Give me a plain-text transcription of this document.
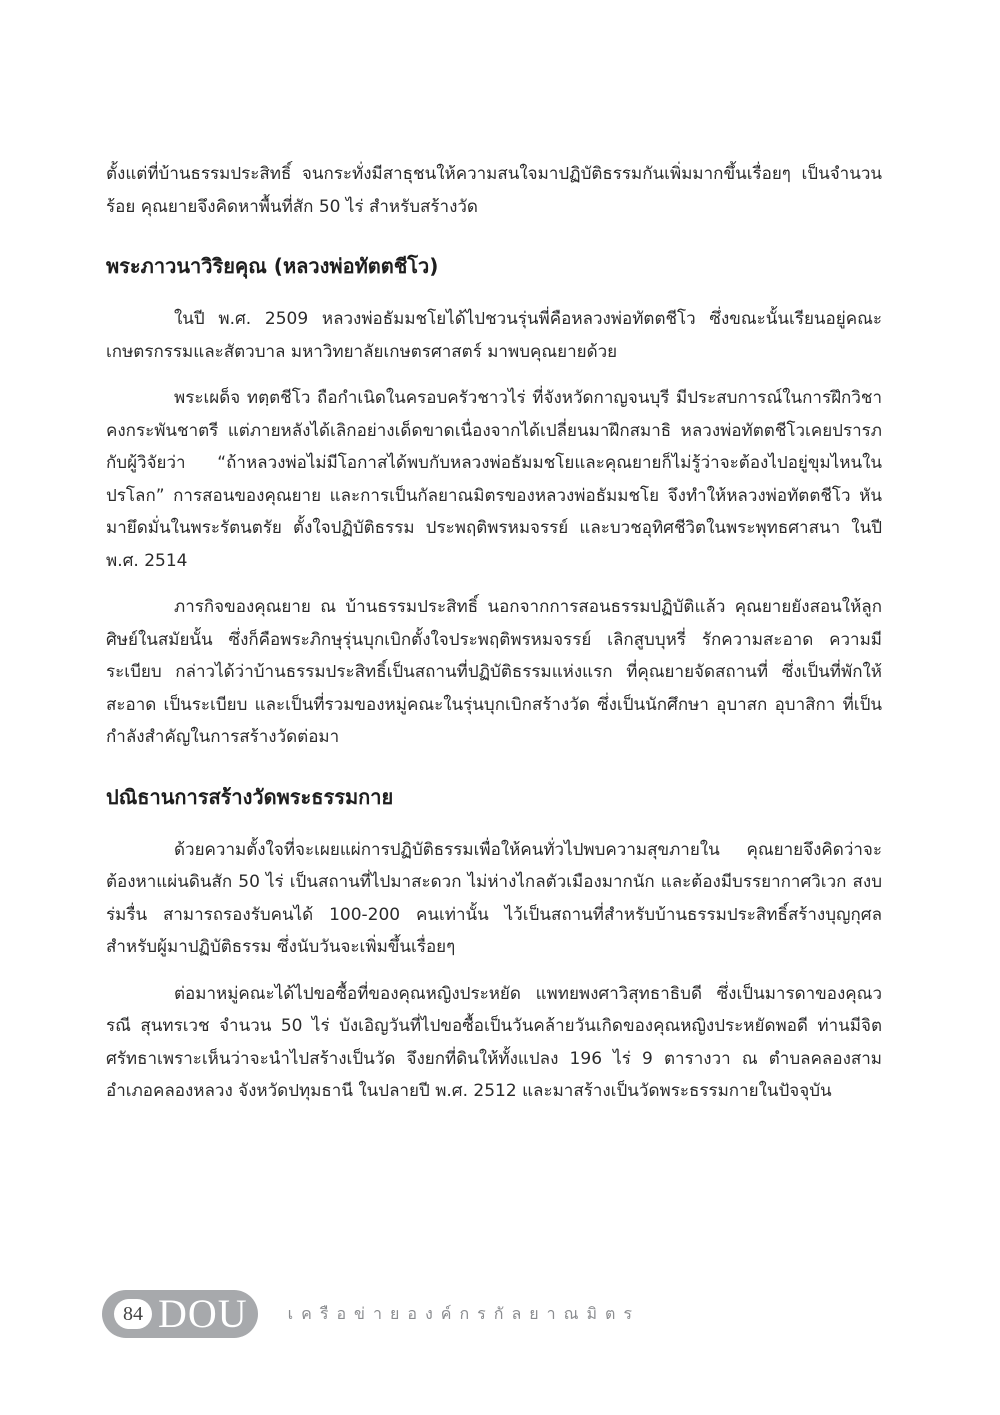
ตั้งแต่ที่บ้านธรรมประสิทธิ์ จนกระทั่งมีสาธุชนให้ความสนใจมาปฏิบัติธรรมกันเพิ่มมากขึ้นเรื่อยๆ เป็นจำนวนร้อย คุณยายจึงคิดหาพื้นที่สัก 50 ไร่ สำหรับสร้างวัด

พระภาวนาวิริยคุณ (หลวงพ่อทัตตชีโว)

ในปี พ.ศ. 2509 หลวงพ่อธัมมชโยได้ไปชวนรุ่นพี่คือหลวงพ่อทัตตชีโว ซึ่งขณะนั้นเรียนอยู่คณะเกษตรกรรมและสัตวบาล มหาวิทยาลัยเกษตรศาสตร์ มาพบคุณยายด้วย

พระเผด็จ ทตฺตชีโว ถือกำเนิดในครอบครัวชาวไร่ ที่จังหวัดกาญจนบุรี มีประสบการณ์ในการฝึกวิชาคงกระพันชาตรี แต่ภายหลังได้เลิกอย่างเด็ดขาดเนื่องจากได้เปลี่ยนมาฝึกสมาธิ หลวงพ่อทัตตชีโวเคยปรารภกับผู้วิจัยว่า “ถ้าหลวงพ่อไม่มีโอกาสได้พบกับหลวงพ่อธัมมชโยและคุณยายก็ไม่รู้ว่าจะต้องไปอยู่ขุมไหนในปรโลก” การสอนของคุณยาย และการเป็นกัลยาณมิตรของหลวงพ่อธัมมชโย จึงทำให้หลวงพ่อทัตตชีโว หันมายึดมั่นในพระรัตนตรัย ตั้งใจปฏิบัติธรรม ประพฤติพรหมจรรย์ และบวชอุทิศชีวิตในพระพุทธศาสนา ในปี พ.ศ. 2514

ภารกิจของคุณยาย ณ บ้านธรรมประสิทธิ์ นอกจากการสอนธรรมปฏิบัติแล้ว คุณยายยังสอนให้ลูกศิษย์ในสมัยนั้น ซึ่งก็คือพระภิกษุรุ่นบุกเบิกตั้งใจประพฤติพรหมจรรย์ เลิกสูบบุหรี่ รักความสะอาด ความมีระเบียบ กล่าวได้ว่าบ้านธรรมประสิทธิ์เป็นสถานที่ปฏิบัติธรรมแห่งแรก ที่คุณยายจัดสถานที่ ซึ่งเป็นที่พักให้สะอาด เป็นระเบียบ และเป็นที่รวมของหมู่คณะในรุ่นบุกเบิกสร้างวัด ซึ่งเป็นนักศึกษา อุบาสก อุบาสิกา ที่เป็นกำลังสำคัญในการสร้างวัดต่อมา

ปณิธานการสร้างวัดพระธรรมกาย

ด้วยความตั้งใจที่จะเผยแผ่การปฏิบัติธรรมเพื่อให้คนทั่วไปพบความสุขภายใน คุณยายจึงคิดว่าจะต้องหาแผ่นดินสัก 50 ไร่ เป็นสถานที่ไปมาสะดวก ไม่ห่างไกลตัวเมืองมากนัก และต้องมีบรรยากาศวิเวก สงบร่มรื่น สามารถรองรับคนได้ 100-200 คนเท่านั้น ไว้เป็นสถานที่สำหรับบ้านธรรมประสิทธิ์สร้างบุญกุศล สำหรับผู้มาปฏิบัติธรรม ซึ่งนับวันจะเพิ่มขึ้นเรื่อยๆ

ต่อมาหมู่คณะได้ไปขอซื้อที่ของคุณหญิงประหยัด แพทยพงศาวิสุทธาธิบดี ซึ่งเป็นมารดาของคุณวรณี สุนทรเวช จำนวน 50 ไร่ บังเอิญวันที่ไปขอซื้อเป็นวันคล้ายวันเกิดของคุณหญิงประหยัดพอดี ท่านมีจิตศรัทธาเพราะเห็นว่าจะนำไปสร้างเป็นวัด จึงยกที่ดินให้ทั้งแปลง 196 ไร่ 9 ตารางวา ณ ตำบลคลองสาม อำเภอคลองหลวง จังหวัดปทุมธานี ในปลายปี พ.ศ. 2512 และมาสร้างเป็นวัดพระธรรมกายในปัจจุบัน

84 DOU	เครือข่ายองค์กรกัลยาณมิตร
